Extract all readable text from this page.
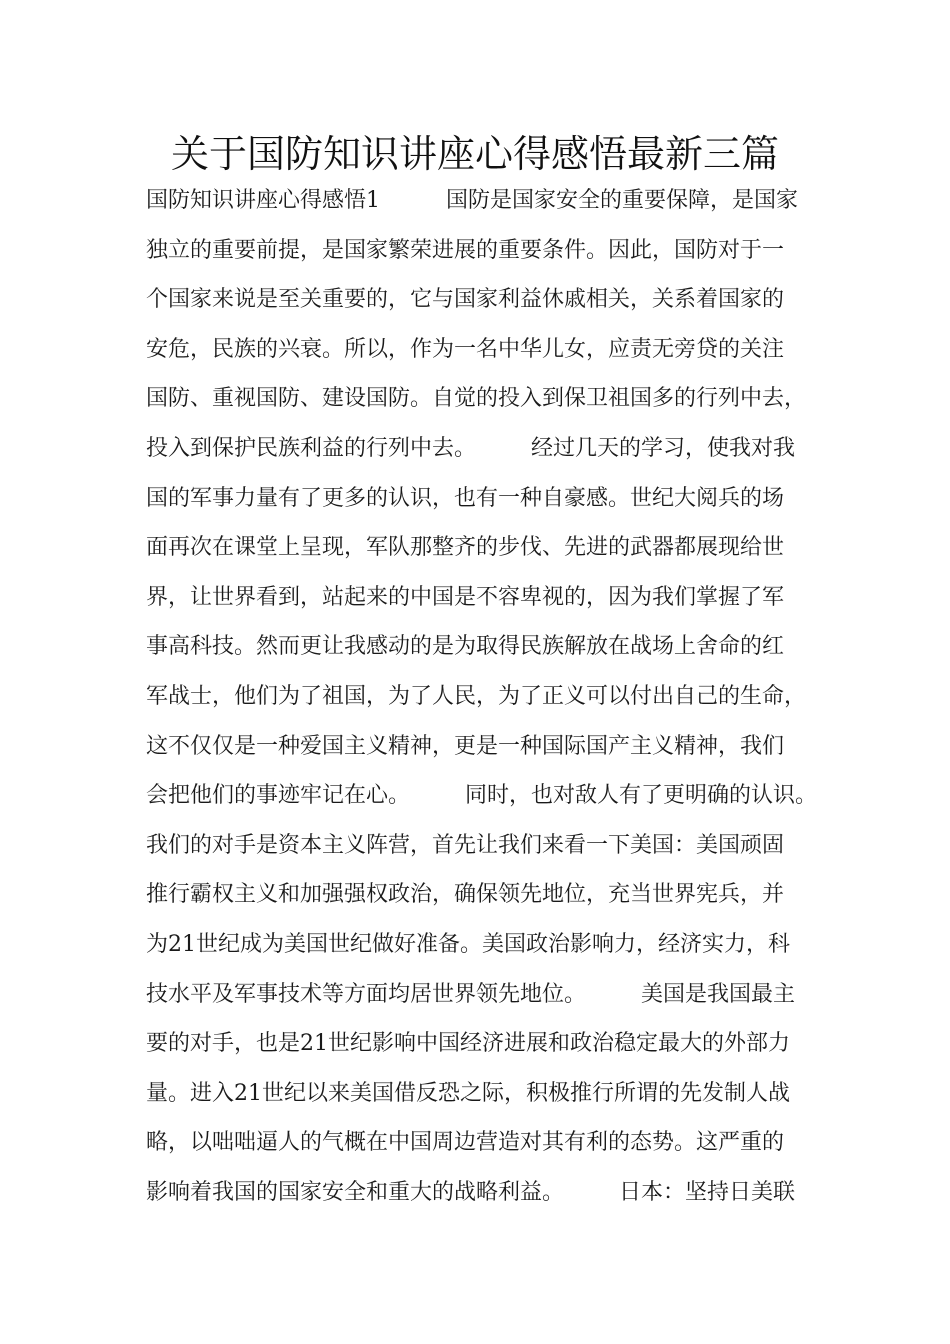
关于国防知识讲座心得感悟最新三篇
国防知识讲座心得感悟1　　　国防是国家安全的重要保障，是国家
独立的重要前提，是国家繁荣进展的重要条件。因此，国防对于一
个国家来说是至关重要的，它与国家利益休戚相关，关系着国家的
安危，民族的兴衰。所以，作为一名中华儿女，应责无旁贷的关注
国防、重视国防、建设国防。自觉的投入到保卫祖国多的行列中去，
投入到保护民族利益的行列中去。　　　经过几天的学习，使我对我
国的军事力量有了更多的认识，也有一种自豪感。世纪大阅兵的场
面再次在课堂上呈现，军队那整齐的步伐、先进的武器都展现给世
界，让世界看到，站起来的中国是不容卑视的，因为我们掌握了军
事高科技。然而更让我感动的是为取得民族解放在战场上舍命的红
军战士，他们为了祖国，为了人民，为了正义可以付出自己的生命，
这不仅仅是一种爱国主义精神，更是一种国际国产主义精神，我们
会把他们的事迹牢记在心。　　　同时，也对敌人有了更明确的认识。
我们的对手是资本主义阵营，首先让我们来看一下美国：美国顽固
推行霸权主义和加强强权政治，确保领先地位，充当世界宪兵，并
为21世纪成为美国世纪做好准备。美国政治影响力，经济实力，科
技水平及军事技术等方面均居世界领先地位。　　　美国是我国最主
要的对手，也是21世纪影响中国经济进展和政治稳定最大的外部力
量。进入21世纪以来美国借反恐之际，积极推行所谓的先发制人战
略，以咄咄逼人的气概在中国周边营造对其有利的态势。这严重的
影响着我国的国家安全和重大的战略利益。　　　日本：坚持日美联
